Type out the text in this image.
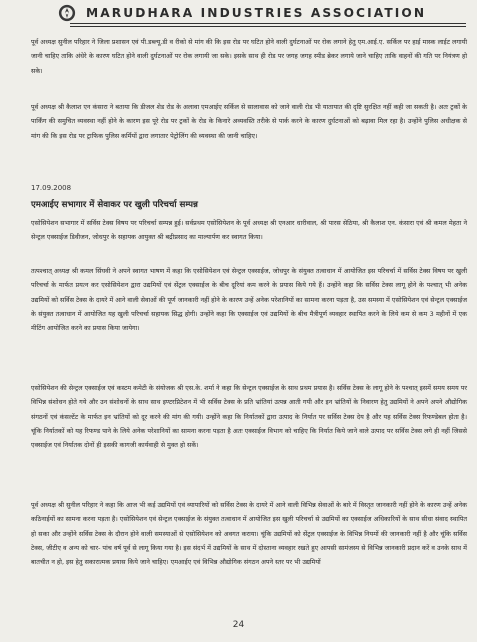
MARUDHARA INDUSTRIES ASSOCIATION

पूर्व अध्यक्ष सुनील परिहार ने जिला प्रशासन एवं पी.डब्ल्यू.डी व रीको से मांग की कि इस रोड पर घटित होने वाली दुर्घटनाओं पर रोक लगाने हेतु एम.आई.ए. सर्किल पर हाई मास्क लाईट लगायी जानी चाहिए ताकि अंधेरे के कारण घटित होने वाली दुर्घटनाओं पर रोक लगायी जा सके। इसके साथ ही रोड पर जगह जगह स्पीड ब्रेकर लगाये जाने चाहिए ताकि वाहनों की गति पर नियंत्रण हो सके।

पूर्व अध्यक्ष श्री कैलाश एन कंसारा ने बताया कि डीजल शेड रोड के अलावा एमआईए सर्किल से सालावास को जाने वाली रोड भी यातायात की दृष्टि सुरक्षित नहीं कही जा सकती है। अतः ट्रकों के पार्किंग की समुचित व्यवस्था नहीं होने के कारण इस पूरे रोड पर ट्रकों के रोड के किनारे अव्यवस्ति तरीके से पार्क करने के कारण दुर्घटनाओं को बढ़ावा मिल रहा है। उन्होंने पुलिस अधीक्षक से मांग की कि इस रोड पर ट्राफिक पुलिस कर्मियों द्वारा लगातार पेट्रोलिंग की व्यवस्था की जानी चाहिए।

17.09.2008

एमआईए सभागार में सेवाकर पर खुली परिचर्चा सम्पन्न

एसोसियेशन सभागार में सर्विस टेक्स विषय पर परिचर्चा सम्पन्न हुई। सर्वप्रथम एसोसियेशन के पूर्व अध्यक्ष श्री एनआर धारीवाल, श्री पारस सेठिया, श्री कैलाश एन. कंसारा एवं श्री कमल मेहता ने सेन्ट्रल एक्साईज डिवीजन, जोधपुर के सहायक आयुक्त श्री बद्रीप्रसाद का माल्यार्पण कर स्वागत किया।

तत्पश्चात् अध्यक्ष श्री कमल सिंघवी ने अपने स्वागत भाषण में कहा कि एसोसियेशन एवं सेन्ट्रल एक्साईज, जोधपुर के संयुक्त तत्वाधान में आयोजित इस परिचर्चा में सर्विस टेक्स विषय पर खुली परिचर्चा के मार्फत प्रयत्न कर एसोसियेशन द्वारा उद्यमियों एवं सेंट्रल एक्साईज के बीच दूरियां कम करने के प्रयास किये गये हैं। उन्होंने कहा कि सर्विस टेक्स लागू होने के पश्चात् भी अनेक उद्यमियों को सर्विस टेक्स के दायरे में आने वाली सेवाओं की पूर्ण जानकारी नहीं होने के कारण उन्हें अनेक परेशानियों का सामना करना पड़ता है, उस समस्या में एसोसियेशन एवं सेन्ट्रल एक्साईज के संयुक्त तत्वाधान में आयोजित यह खुली परिचर्चा सहायक सिद्ध होगी। उन्होंने कहा कि एक्साईज एवं उद्यमियों के बीच मैत्रीपूर्ण व्यवहार स्थापित करने के लिये कम से कम 3 महीनों में एक मीटिंग आयोजित करने का प्रयास किया जायेगा।

एसोसियेशन की सेन्ट्रल एक्साईज एवं कस्टम कमेटी के संयोजक श्री एस.के. शर्मा ने कहा कि सेन्ट्रल एक्साईज के साथ प्रथम प्रयास है। सर्विस टेक्स के लागू होने के पश्चात् इसमें समय समय पर विभिन्न संशोधन होते गये और उन संशोधनों के साथ साथ इण्टरप्रिटेशन में भी सर्विस टेक्स के प्रति भ्रांतियां उत्पन्न आती गयी और इन भ्रांतियों के निवारण हेतु उद्यमियों ने अपने अपने औद्योगिक संगठनों एवं कंसल्टेंट के मार्फत इन भ्रांतियों को दूर करने की मांग की गयी। उन्होंने कहा कि निर्यातकों द्वारा उत्पाद के निर्यात पर सर्विस टेक्स देय है और यह सर्विस टेक्स रिफण्डेबल होता है। चूंकि निर्यातकों को यह रिफण्ड पाने के लिये अनेक परेशानियों का सामना करना पड़ता है अतः एक्साईज विभाग को चाहिए कि निर्यात किये जाने वाले उत्पाद पर सर्विस टेक्स लगे ही नहीं जिससे एक्साईज एवं निर्यातक दोनों ही इसकी कागजी कार्यवाही से मुक्त हो सकें।

पूर्व अध्यक्ष श्री सुनील परिहार ने कहा कि आज भी कई उद्यमियों एवं व्यापारियों को सर्विस टेक्स के दायरे में आने वाली विभिन्न सेवाओं के बारे में विस्तृत जानकारी नहीं होने के कारण उन्हें अनेक कठिनाईयों का सामना करना पड़ता है। एसोसियेशन एवं सेन्ट्रल एक्साईज के संयुक्त तत्वाधान में आयोजित इस खुली परिचर्चा से उद्यमियों का एक्साईज अधिकारियों के साथ सीधा संवाद स्थापित हो सका और उन्होंने सर्विस टेक्स के दौरान होने वाली समस्याओं से एसोसियेशन को अवगत कराया। चूंकि उद्यमियों को सेंट्रल एक्साईज के विभिन्न नियमों की जानकारी नहीं है और चूंकि सर्विस टेक्स, जीटीए व अन्य को चार- पांच वर्ष पूर्व से लागू किया गया है। इस संदर्भ में उद्यमियों के साथ में दोस्ताना व्यवहार रखते हुए आपसी सामंजस्य से विभिन्न जानकारी प्रदान करें व उनके साथ में बातचीत न हो, इस हेतु सकारात्मक प्रयास किये जाने चाहिए। एमआईए एवं विभिन्न औद्योगिक संगठन अपने स्तर पर भी उद्यमियों

24
